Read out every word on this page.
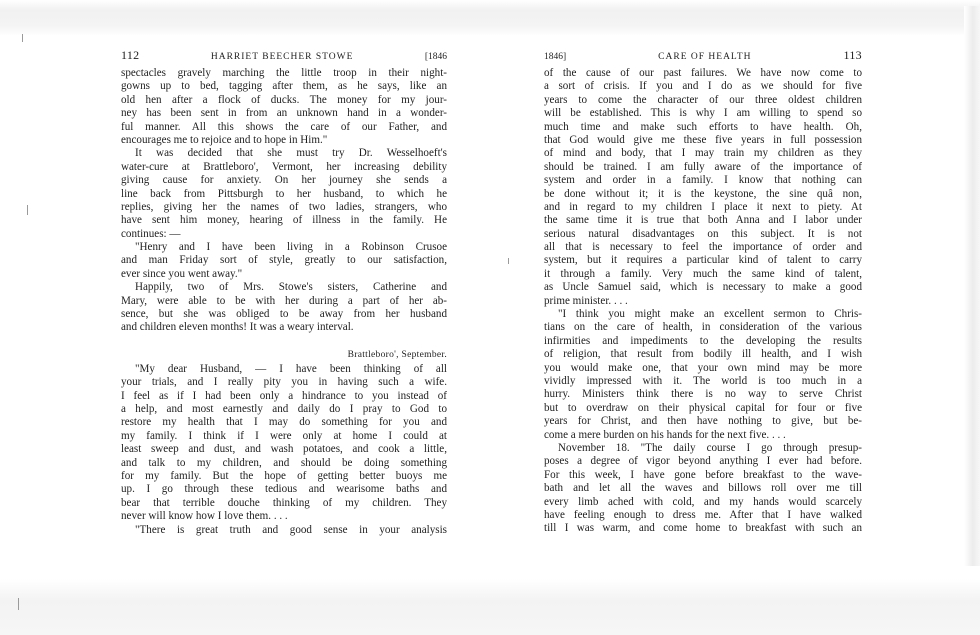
112	HARRIET BEECHER STOWE	[1846
spectacles gravely marching the little troop in their night-
gowns up to bed, tagging after them, as he says, like an
old hen after a flock of ducks. The money for my jour-
ney has been sent in from an unknown hand in a wonder-
ful manner. All this shows the care of our Father, and
encourages me to rejoice and to hope in Him."
It was decided that she must try Dr. Wesselhoeft's
water-cure at Brattleboro', Vermont, her increasing debility
giving cause for anxiety. On her journey she sends a
line back from Pittsburgh to her husband, to which he
replies, giving her the names of two ladies, strangers, who
have sent him money, hearing of illness in the family. He
continues: —
"Henry and I have been living in a Robinson Crusoe
and man Friday sort of style, greatly to our satisfaction,
ever since you went away."
Happily, two of Mrs. Stowe's sisters, Catherine and
Mary, were able to be with her during a part of her ab-
sence, but she was obliged to be away from her husband
and children eleven months! It was a weary interval.
Brattleboro', September.
"My dear Husband, — I have been thinking of all
your trials, and I really pity you in having such a wife.
I feel as if I had been only a hindrance to you instead of
a help, and most earnestly and daily do I pray to God to
restore my health that I may do something for you and
my family. I think if I were only at home I could at
least sweep and dust, and wash potatoes, and cook a little,
and talk to my children, and should be doing something
for my family. But the hope of getting better buoys me
up. I go through these tedious and wearisome baths and
bear that terrible douche thinking of my children. They
never will know how I love them. . . .
"There is great truth and good sense in your analysis
1846]	CARE OF HEALTH	113
of the cause of our past failures. We have now come to
a sort of crisis. If you and I do as we should for five
years to come the character of our three oldest children
will be established. This is why I am willing to spend so
much time and make such efforts to have health. Oh,
that God would give me these five years in full possession
of mind and body, that I may train my children as they
should be trained. I am fully aware of the importance of
system and order in a family. I know that nothing can
be done without it; it is the keystone, the sine quâ non,
and in regard to my children I place it next to piety. At
the same time it is true that both Anna and I labor under
serious natural disadvantages on this subject. It is not
all that is necessary to feel the importance of order and
system, but it requires a particular kind of talent to carry
it through a family. Very much the same kind of talent,
as Uncle Samuel said, which is necessary to make a good
prime minister. . . .
"I think you might make an excellent sermon to Chris-
tians on the care of health, in consideration of the various
infirmities and impediments to the developing the results
of religion, that result from bodily ill health, and I wish
you would make one, that your own mind may be more
vividly impressed with it. The world is too much in a
hurry. Ministers think there is no way to serve Christ
but to overdraw on their physical capital for four or five
years for Christ, and then have nothing to give, but be-
come a mere burden on his hands for the next five. . . .
November 18. "The daily course I go through presup-
poses a degree of vigor beyond anything I ever had before.
For this week, I have gone before breakfast to the wave-
bath and let all the waves and billows roll over me till
every limb ached with cold, and my hands would scarcely
have feeling enough to dress me. After that I have walked
till I was warm, and come home to breakfast with such an
